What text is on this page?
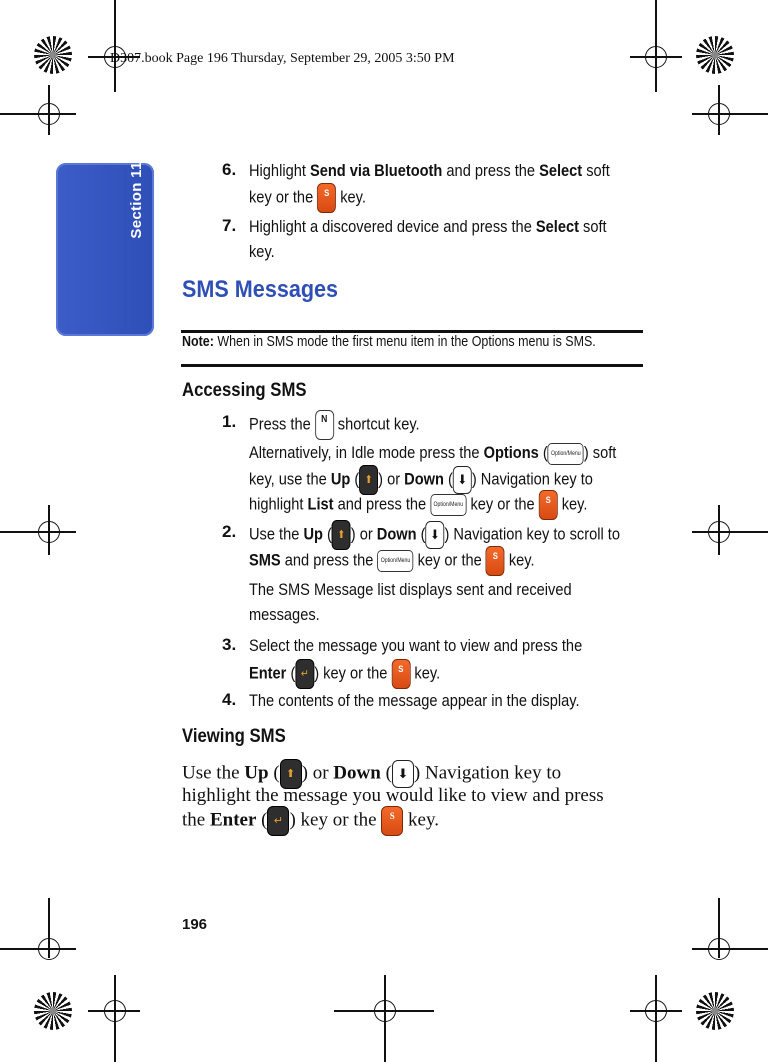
D307.book Page 196 Thursday, September 29, 2005 3:50 PM
Section 11	6. Highlight Send via Bluetooth and press the Select soft
key or the S key.
7. Highlight a discovered device and press the Select soft
key.
SMS Messages
Note: When in SMS mode the first menu item in the Options menu is SMS.
Accessing SMS
1. Press the N shortcut key.
Alternatively, in Idle mode press the Options ( Option/Menu ) soft
key, use the Up ( ⬆ ) or Down ( ⬇ ) Navigation key to
highlight List and press the Option/Menu key or the S key.
2. Use the Up ( ⬆ ) or Down ( ⬇ ) Navigation key to scroll to
SMS and press the Option/Menu key or the S key.
The SMS Message list displays sent and received
messages.
3. Select the message you want to view and press the
Enter ( ↵ ) key or the S key.
4. The contents of the message appear in the display.
Viewing SMS
Use the Up ( ⬆ ) or Down ( ⬇ ) Navigation key to
highlight the message you would like to view and press
the Enter ( ↵ ) key or the S key.
196
